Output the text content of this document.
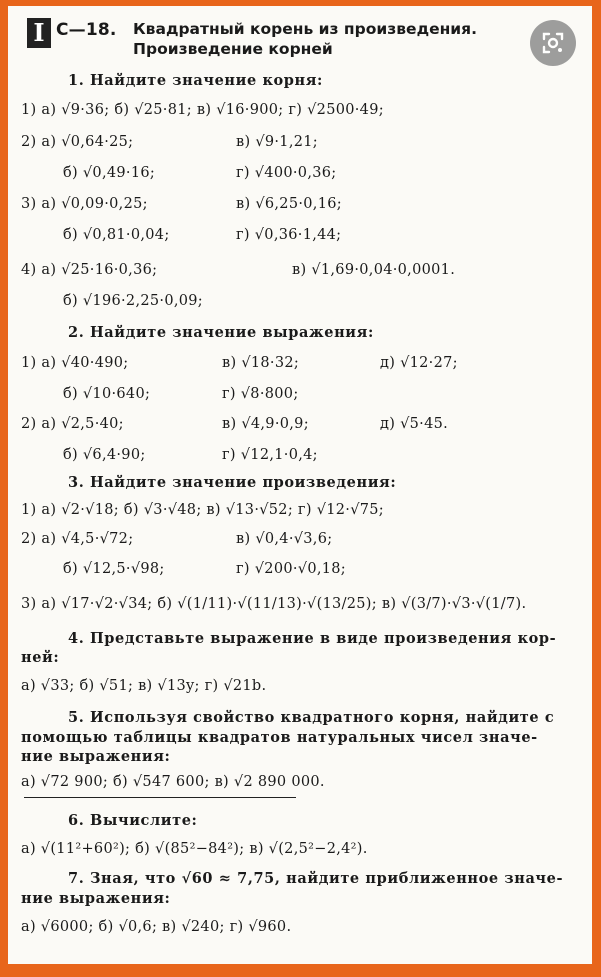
I С—18. Квадратный корень из произведения.
Произведение корней
1. Найдите значение корня:
1) а) √9·36; б) √25·81; в) √16·900; г) √2500·49;
2) а) √0,64·25;	в) √9·1,21;
б) √0,49·16;	г) √400·0,36;
3) а) √0,09·0,25;	в) √6,25·0,16;
б) √0,81·0,04;	г) √0,36·1,44;
4) а) √25·16·0,36;	в) √1,69·0,04·0,0001.
б) √196·2,25·0,09;
2. Найдите значение выражения:
1) а) √40·490;	в) √18·32;	д) √12·27;
б) √10·640;	г) √8·800;
2) а) √2,5·40;	в) √4,9·0,9;	д) √5·45.
б) √6,4·90;	г) √12,1·0,4;
3. Найдите значение произведения:
1) а) √2·√18; б) √3·√48; в) √13·√52; г) √12·√75;
2) а) √4,5·√72;	в) √0,4·√3,6;
б) √12,5·√98;	г) √200·√0,18;
3) а) √17·√2·√34; б) √(1/11)·√(11/13)·√(13/25); в) √(3/7)·√3·√(1/7).
4. Представьте выражение в виде произведения кор-
ней:
а) √33; б) √51; в) √13y; г) √21b.
5. Используя свойство квадратного корня, найдите с
помощью таблицы квадратов натуральных чисел значе-
ние выражения:
а) √72 900; б) √547 600; в) √2 890 000.
6. Вычислите:
а) √(11²+60²); б) √(85²−84²); в) √(2,5²−2,4²).
7. Зная, что √60 ≈ 7,75, найдите приближенное значе-
ние выражения:
а) √6000; б) √0,6; в) √240; г) √960.
